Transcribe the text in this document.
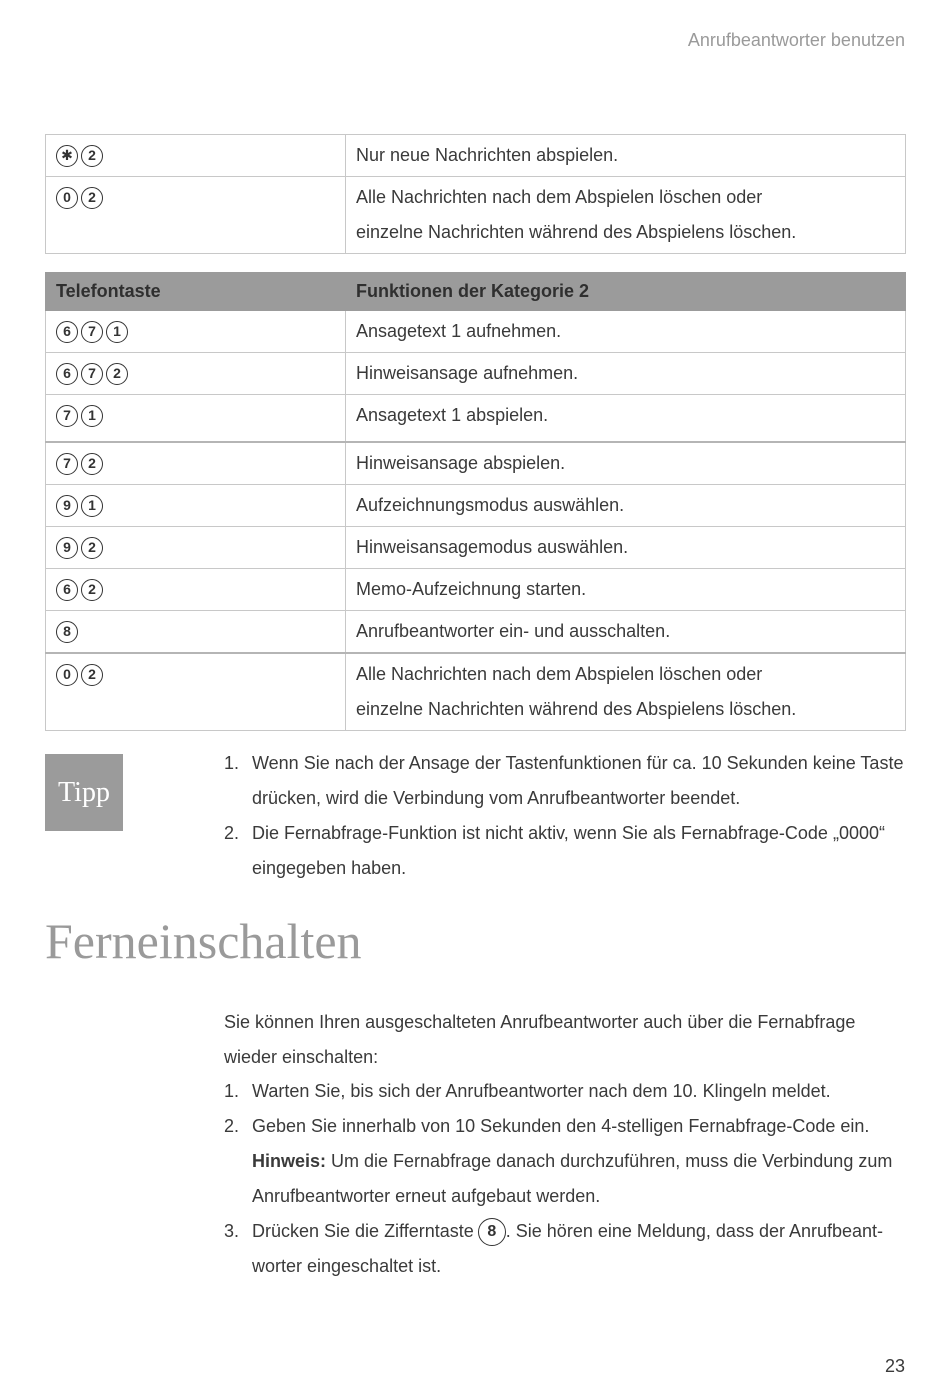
Anrufbeantworter benutzen
✱ 2	Nur neue Nachrichten abspielen.
0 2	Alle Nachrichten nach dem Abspielen löschen oder
einzelne Nachrichten während des Abspielens löschen.
Telefontaste	Funktionen der Kategorie 2
6 7 1	Ansagetext 1 aufnehmen.
6 7 2	Hinweisansage aufnehmen.
7 1	Ansagetext 1 abspielen.
7 2	Hinweisansage abspielen.
9 1	Aufzeichnungsmodus auswählen.
9 2	Hinweisansagemodus auswählen.
6 2	Memo-Aufzeichnung starten.
8	Anrufbeantworter ein- und ausschalten.
0 2	Alle Nachrichten nach dem Abspielen löschen oder
einzelne Nachrichten während des Abspielens löschen.
Tipp
1. Wenn Sie nach der Ansage der Tastenfunktionen für ca. 10 Sekunden keine Taste
drücken, wird die Verbindung vom Anrufbeantworter beendet.
2. Die Fernabfrage-Funktion ist nicht aktiv, wenn Sie als Fernabfrage-Code „0000“
eingegeben haben.
Ferneinschalten

Sie können Ihren ausgeschalteten Anrufbeantworter auch über die Fernabfrage
wieder einschalten:

1. Warten Sie, bis sich der Anrufbeantworter nach dem 10. Klingeln meldet.
2. Geben Sie innerhalb von 10 Sekunden den 4-stelligen Fernabfrage-Code ein.
Hinweis: Um die Fernabfrage danach durchzuführen, muss die Verbindung zum
Anrufbeantworter erneut aufgebaut werden.
3. Drücken Sie die Zifferntaste 8 . Sie hören eine Meldung, dass der Anrufbeant-
worter eingeschaltet ist.
23
